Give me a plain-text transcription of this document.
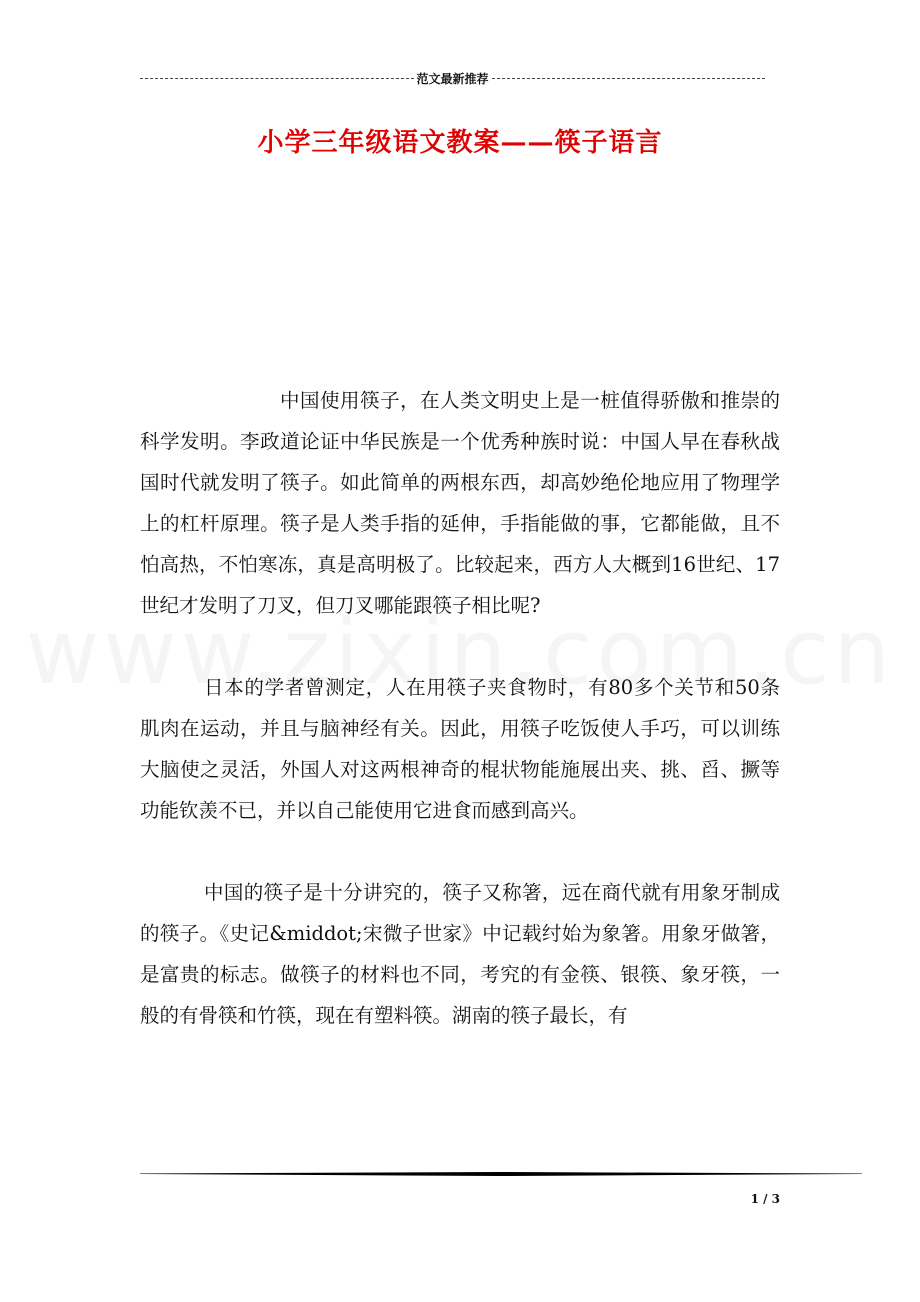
范文最新推荐
小学三年级语文教案——筷子语言

中国使用筷子，在人类文明史上是一桩值得骄傲和推崇的科学发明。李政道论证中华民族是一个优秀种族时说：中国人早在春秋战国时代就发明了筷子。如此简单的两根东西，却高妙绝伦地应用了物理学上的杠杆原理。筷子是人类手指的延伸，手指能做的事，它都能做，且不怕高热，不怕寒冻，真是高明极了。比较起来，西方人大概到16世纪、17世纪才发明了刀叉，但刀叉哪能跟筷子相比呢?

日本的学者曾测定，人在用筷子夹食物时，有80多个关节和50条肌肉在运动，并且与脑神经有关。因此，用筷子吃饭使人手巧，可以训练大脑使之灵活，外国人对这两根神奇的棍状物能施展出夹、挑、舀、撅等功能钦羡不已，并以自己能使用它进食而感到高兴。

中国的筷子是十分讲究的，筷子又称箸，远在商代就有用象牙制成的筷子。《史记&middot;宋微子世家》中记载纣始为象箸。用象牙做箸，是富贵的标志。做筷子的材料也不同，考究的有金筷、银筷、象牙筷，一般的有骨筷和竹筷，现在有塑料筷。湖南的筷子最长，有

1 / 3
